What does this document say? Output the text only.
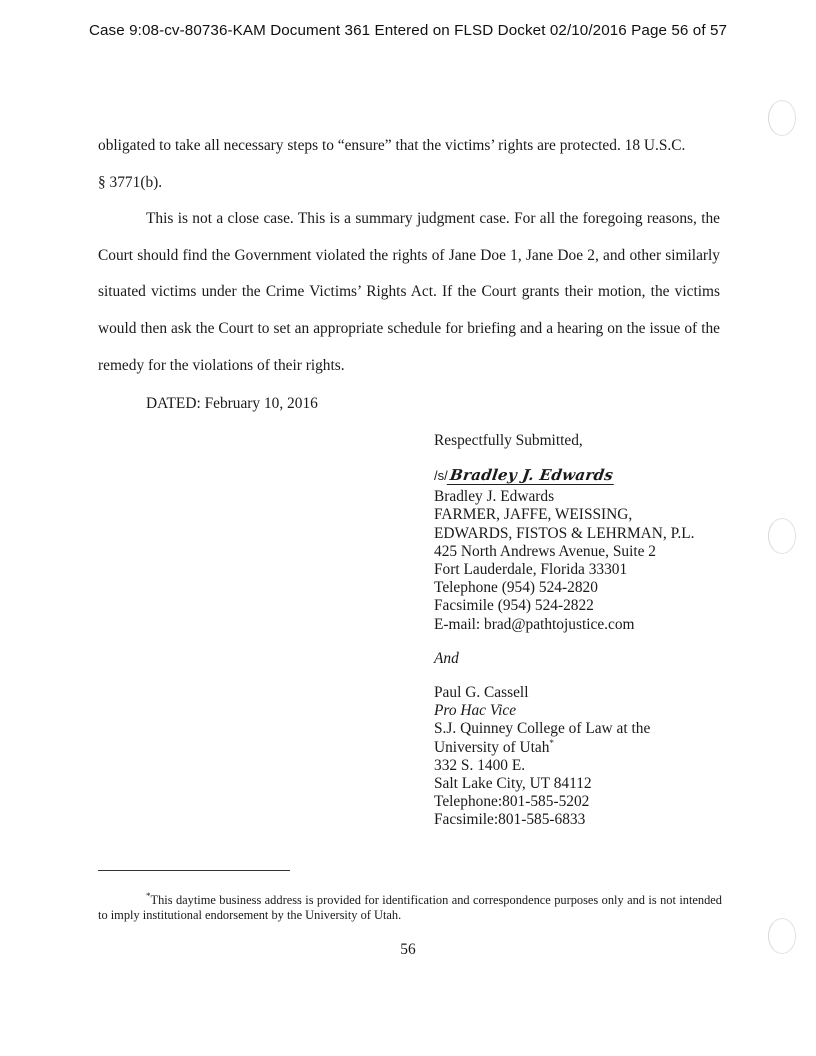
Case 9:08-cv-80736-KAM Document 361 Entered on FLSD Docket 02/10/2016 Page 56 of 57

obligated to take all necessary steps to “ensure” that the victims’ rights are protected. 18 U.S.C.
§ 3771(b).

This is not a close case. This is a summary judgment case. For all the foregoing reasons, the Court should find the Government violated the rights of Jane Doe 1, Jane Doe 2, and other similarly situated victims under the Crime Victims’ Rights Act. If the Court grants their motion, the victims would then ask the Court to set an appropriate schedule for briefing and a hearing on the issue of the remedy for the violations of their rights.

DATED: February 10, 2016
Respectfully Submitted,
/s/ Bradley J. Edwards
Bradley J. Edwards
FARMER, JAFFE, WEISSING,
EDWARDS, FISTOS & LEHRMAN, P.L.
425 North Andrews Avenue, Suite 2
Fort Lauderdale, Florida 33301
Telephone (954) 524-2820
Facsimile (954) 524-2822
E-mail: brad@pathtojustice.com
And
Paul G. Cassell
Pro Hac Vice
S.J. Quinney College of Law at the
University of Utah*
332 S. 1400 E.
Salt Lake City, UT 84112
Telephone:801-585-5202
Facsimile:801-585-6833
*This daytime business address is provided for identification and correspondence purposes only and is not intended to imply institutional endorsement by the University of Utah.
56
